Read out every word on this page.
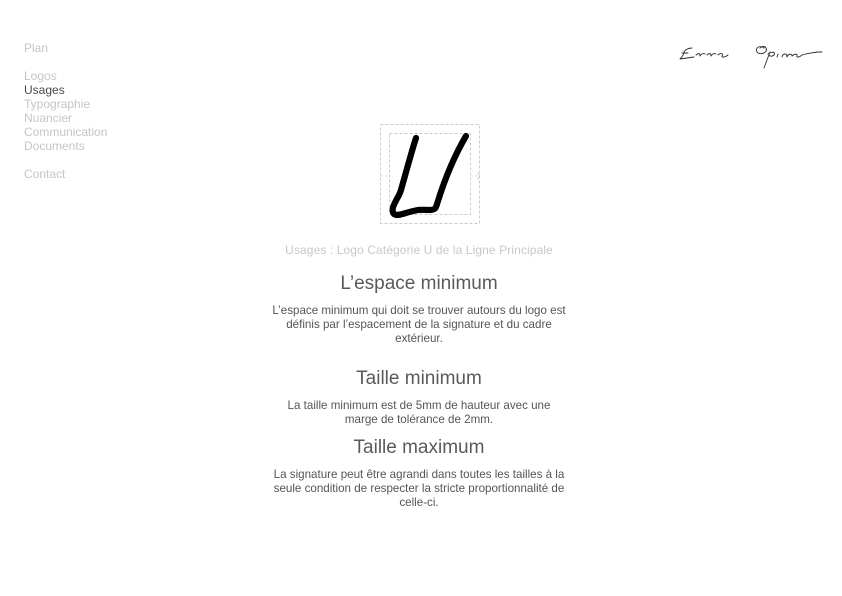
Plan
Logos
Usages
Typographie
Nuancier
Communication
Documents
Contact

Usages : Logo Catégorie U de la Ligne Principale

L’espace minimum

L’espace minimum qui doit se trouver autours du logo est définis par l’espacement de la signature et du cadre extérieur.

Taille minimum

La taille minimum est de 5mm de hauteur avec une marge de tolérance de 2mm.

Taille maximum

La signature peut être agrandi dans toutes les tailles à la seule condition de respecter la stricte proportionnalité de celle-ci.
